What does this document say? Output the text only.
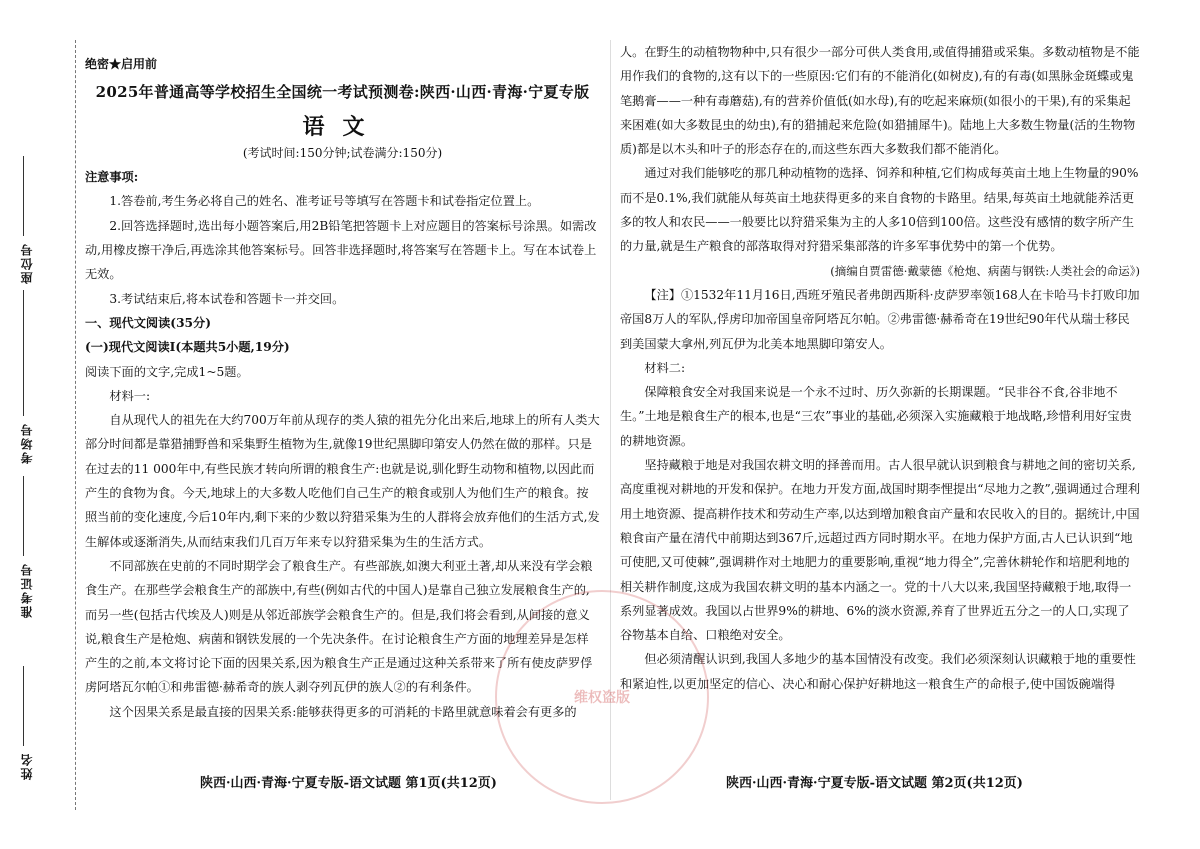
座位号
考场号
准考证号
姓名
绝密★启用前
2025年普通高等学校招生全国统一考试预测卷:陕西·山西·青海·宁夏专版
语文
(考试时间:150分钟;试卷满分:150分)

注意事项:

1.答卷前,考生务必将自己的姓名、准考证号等填写在答题卡和试卷指定位置上。

2.回答选择题时,选出每小题答案后,用2B铅笔把答题卡上对应题目的答案标号涂黑。如需改动,用橡皮擦干净后,再选涂其他答案标号。回答非选择题时,将答案写在答题卡上。写在本试卷上无效。

3.考试结束后,将本试卷和答题卡一并交回。

一、现代文阅读(35分)

(一)现代文阅读Ⅰ(本题共5小题,19分)

阅读下面的文字,完成1~5题。

材料一:

自从现代人的祖先在大约700万年前从现存的类人猿的祖先分化出来后,地球上的所有人类大部分时间都是靠猎捕野兽和采集野生植物为生,就像19世纪黑脚印第安人仍然在做的那样。只是在过去的11 000年中,有些民族才转向所谓的粮食生产:也就是说,驯化野生动物和植物,以因此而产生的食物为食。今天,地球上的大多数人吃他们自己生产的粮食或别人为他们生产的粮食。按照当前的变化速度,今后10年内,剩下来的少数以狩猎采集为生的人群将会放弃他们的生活方式,发生解体或逐渐消失,从而结束我们几百万年来专以狩猎采集为生的生活方式。

不同部族在史前的不同时期学会了粮食生产。有些部族,如澳大利亚土著,却从来没有学会粮食生产。在那些学会粮食生产的部族中,有些(例如古代的中国人)是靠自己独立发展粮食生产的,而另一些(包括古代埃及人)则是从邻近部族学会粮食生产的。但是,我们将会看到,从间接的意义说,粮食生产是枪炮、病菌和钢铁发展的一个先决条件。在讨论粮食生产方面的地理差异是怎样产生的之前,本文将讨论下面的因果关系,因为粮食生产正是通过这种关系带来了所有使皮萨罗俘虏阿塔瓦尔帕①和弗雷德·赫希奇的族人剥夺列瓦伊的族人②的有利条件。

这个因果关系是最直接的因果关系:能够获得更多的可消耗的卡路里就意味着会有更多的

人。在野生的动植物物种中,只有很少一部分可供人类食用,或值得捕猎或采集。多数动植物是不能用作我们的食物的,这有以下的一些原因:它们有的不能消化(如树皮),有的有毒(如黑脉金斑蝶或鬼笔鹅膏——一种有毒蘑菇),有的营养价值低(如水母),有的吃起来麻烦(如很小的干果),有的采集起来困难(如大多数昆虫的幼虫),有的猎捕起来危险(如猎捕犀牛)。陆地上大多数生物量(活的生物物质)都是以木头和叶子的形态存在的,而这些东西大多数我们都不能消化。

通过对我们能够吃的那几种动植物的选择、饲养和种植,它们构成每英亩土地上生物量的90%而不是0.1%,我们就能从每英亩土地获得更多的来自食物的卡路里。结果,每英亩土地就能养活更多的牧人和农民——一般要比以狩猎采集为主的人多10倍到100倍。这些没有感情的数字所产生的力量,就是生产粮食的部落取得对狩猎采集部落的许多军事优势中的第一个优势。

(摘编自贾雷德·戴蒙德《枪炮、病菌与钢铁:人类社会的命运》)

【注】①1532年11月16日,西班牙殖民者弗朗西斯科·皮萨罗率领168人在卡哈马卡打败印加帝国8万人的军队,俘虏印加帝国皇帝阿塔瓦尔帕。②弗雷德·赫希奇在19世纪90年代从瑞士移民到美国蒙大拿州,列瓦伊为北美本地黑脚印第安人。

材料二:

保障粮食安全对我国来说是一个永不过时、历久弥新的长期课题。“民非谷不食,谷非地不生。”土地是粮食生产的根本,也是“三农”事业的基础,必须深入实施藏粮于地战略,珍惜利用好宝贵的耕地资源。

坚持藏粮于地是对我国农耕文明的择善而用。古人很早就认识到粮食与耕地之间的密切关系,高度重视对耕地的开发和保护。在地力开发方面,战国时期李悝提出“尽地力之教”,强调通过合理利用土地资源、提高耕作技术和劳动生产率,以达到增加粮食亩产量和农民收入的目的。据统计,中国粮食亩产量在清代中前期达到367斤,远超过西方同时期水平。在地力保护方面,古人已认识到“地可使肥,又可使棘”,强调耕作对土地肥力的重要影响,重视“地力得全”,完善休耕轮作和培肥利地的相关耕作制度,这成为我国农耕文明的基本内涵之一。党的十八大以来,我国坚持藏粮于地,取得一系列显著成效。我国以占世界9%的耕地、6%的淡水资源,养育了世界近五分之一的人口,实现了谷物基本自给、口粮绝对安全。

但必须清醒认识到,我国人多地少的基本国情没有改变。我们必须深刻认识藏粮于地的重要性和紧迫性,以更加坚定的信心、决心和耐心保护好耕地这一粮食生产的命根子,使中国饭碗端得

陕西·山西·青海·宁夏专版-语文试题 第1页(共12页)	陕西·山西·青海·宁夏专版-语文试题 第2页(共12页)
维权盗版
